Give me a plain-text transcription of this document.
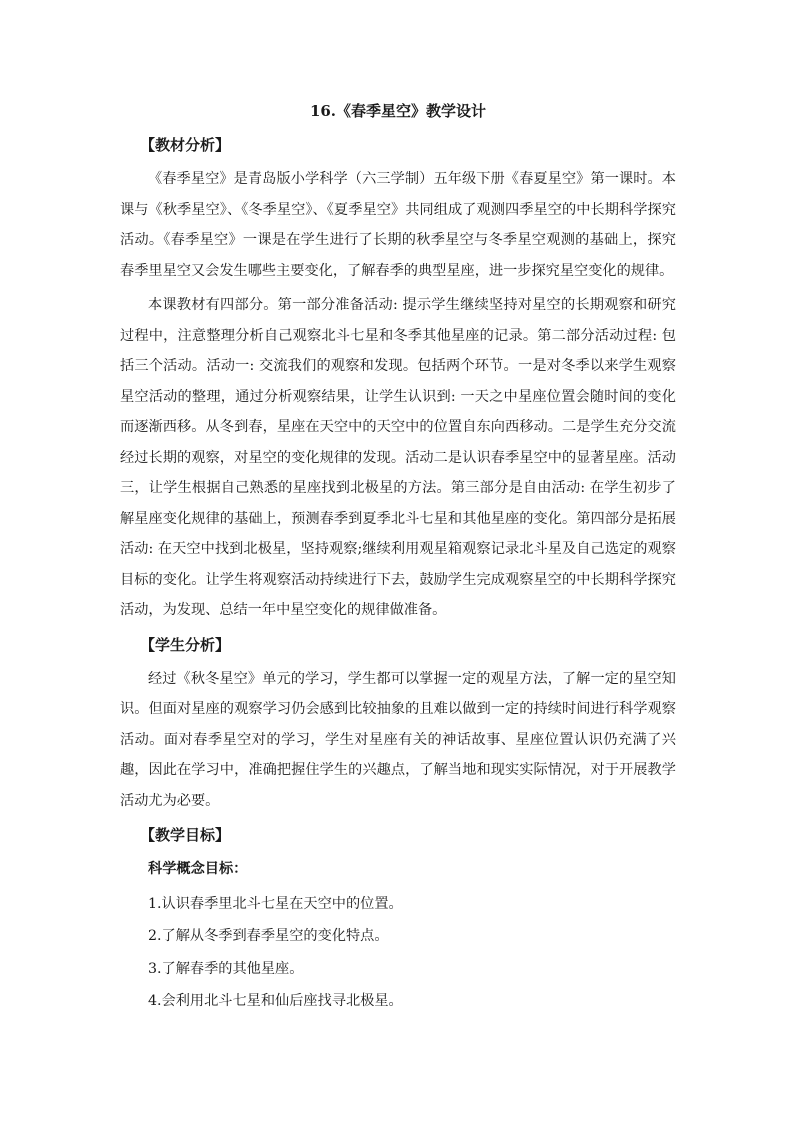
16.《春季星空》教学设计
【教材分析】

《春季星空》是青岛版小学科学（六三学制）五年级下册《春夏星空》第一课时。本课与《秋季星空》、《冬季星空》、《夏季星空》共同组成了观测四季星空的中长期科学探究活动。《春季星空》一课是在学生进行了长期的秋季星空与冬季星空观测的基础上，探究春季里星空又会发生哪些主要变化，了解春季的典型星座，进一步探究星空变化的规律。

本课教材有四部分。第一部分准备活动: 提示学生继续坚持对星空的长期观察和研究过程中，注意整理分析自己观察北斗七星和冬季其他星座的记录。第二部分活动过程: 包括三个活动。活动一: 交流我们的观察和发现。包括两个环节。一是对冬季以来学生观察星空活动的整理，通过分析观察结果，让学生认识到: 一天之中星座位置会随时间的变化而逐渐西移。从冬到春，星座在天空中的天空中的位置自东向西移动。二是学生充分交流经过长期的观察，对星空的变化规律的发现。活动二是认识春季星空中的显著星座。活动三，让学生根据自己熟悉的星座找到北极星的方法。第三部分是自由活动: 在学生初步了解星座变化规律的基础上，预测春季到夏季北斗七星和其他星座的变化。第四部分是拓展活动: 在天空中找到北极星，坚持观察;继续利用观星箱观察记录北斗星及自己选定的观察目标的变化。让学生将观察活动持续进行下去，鼓励学生完成观察星空的中长期科学探究活动，为发现、总结一年中星空变化的规律做准备。

【学生分析】

经过《秋冬星空》单元的学习，学生都可以掌握一定的观星方法，了解一定的星空知识。但面对星座的观察学习仍会感到比较抽象的且难以做到一定的持续时间进行科学观察活动。面对春季星空对的学习，学生对星座有关的神话故事、星座位置认识仍充满了兴趣，因此在学习中，准确把握住学生的兴趣点，了解当地和现实实际情况，对于开展教学活动尤为必要。

【教学目标】
科学概念目标：
1.认识春季里北斗七星在天空中的位置。
2.了解从冬季到春季星空的变化特点。
3.了解春季的其他星座。
4.会利用北斗七星和仙后座找寻北极星。
